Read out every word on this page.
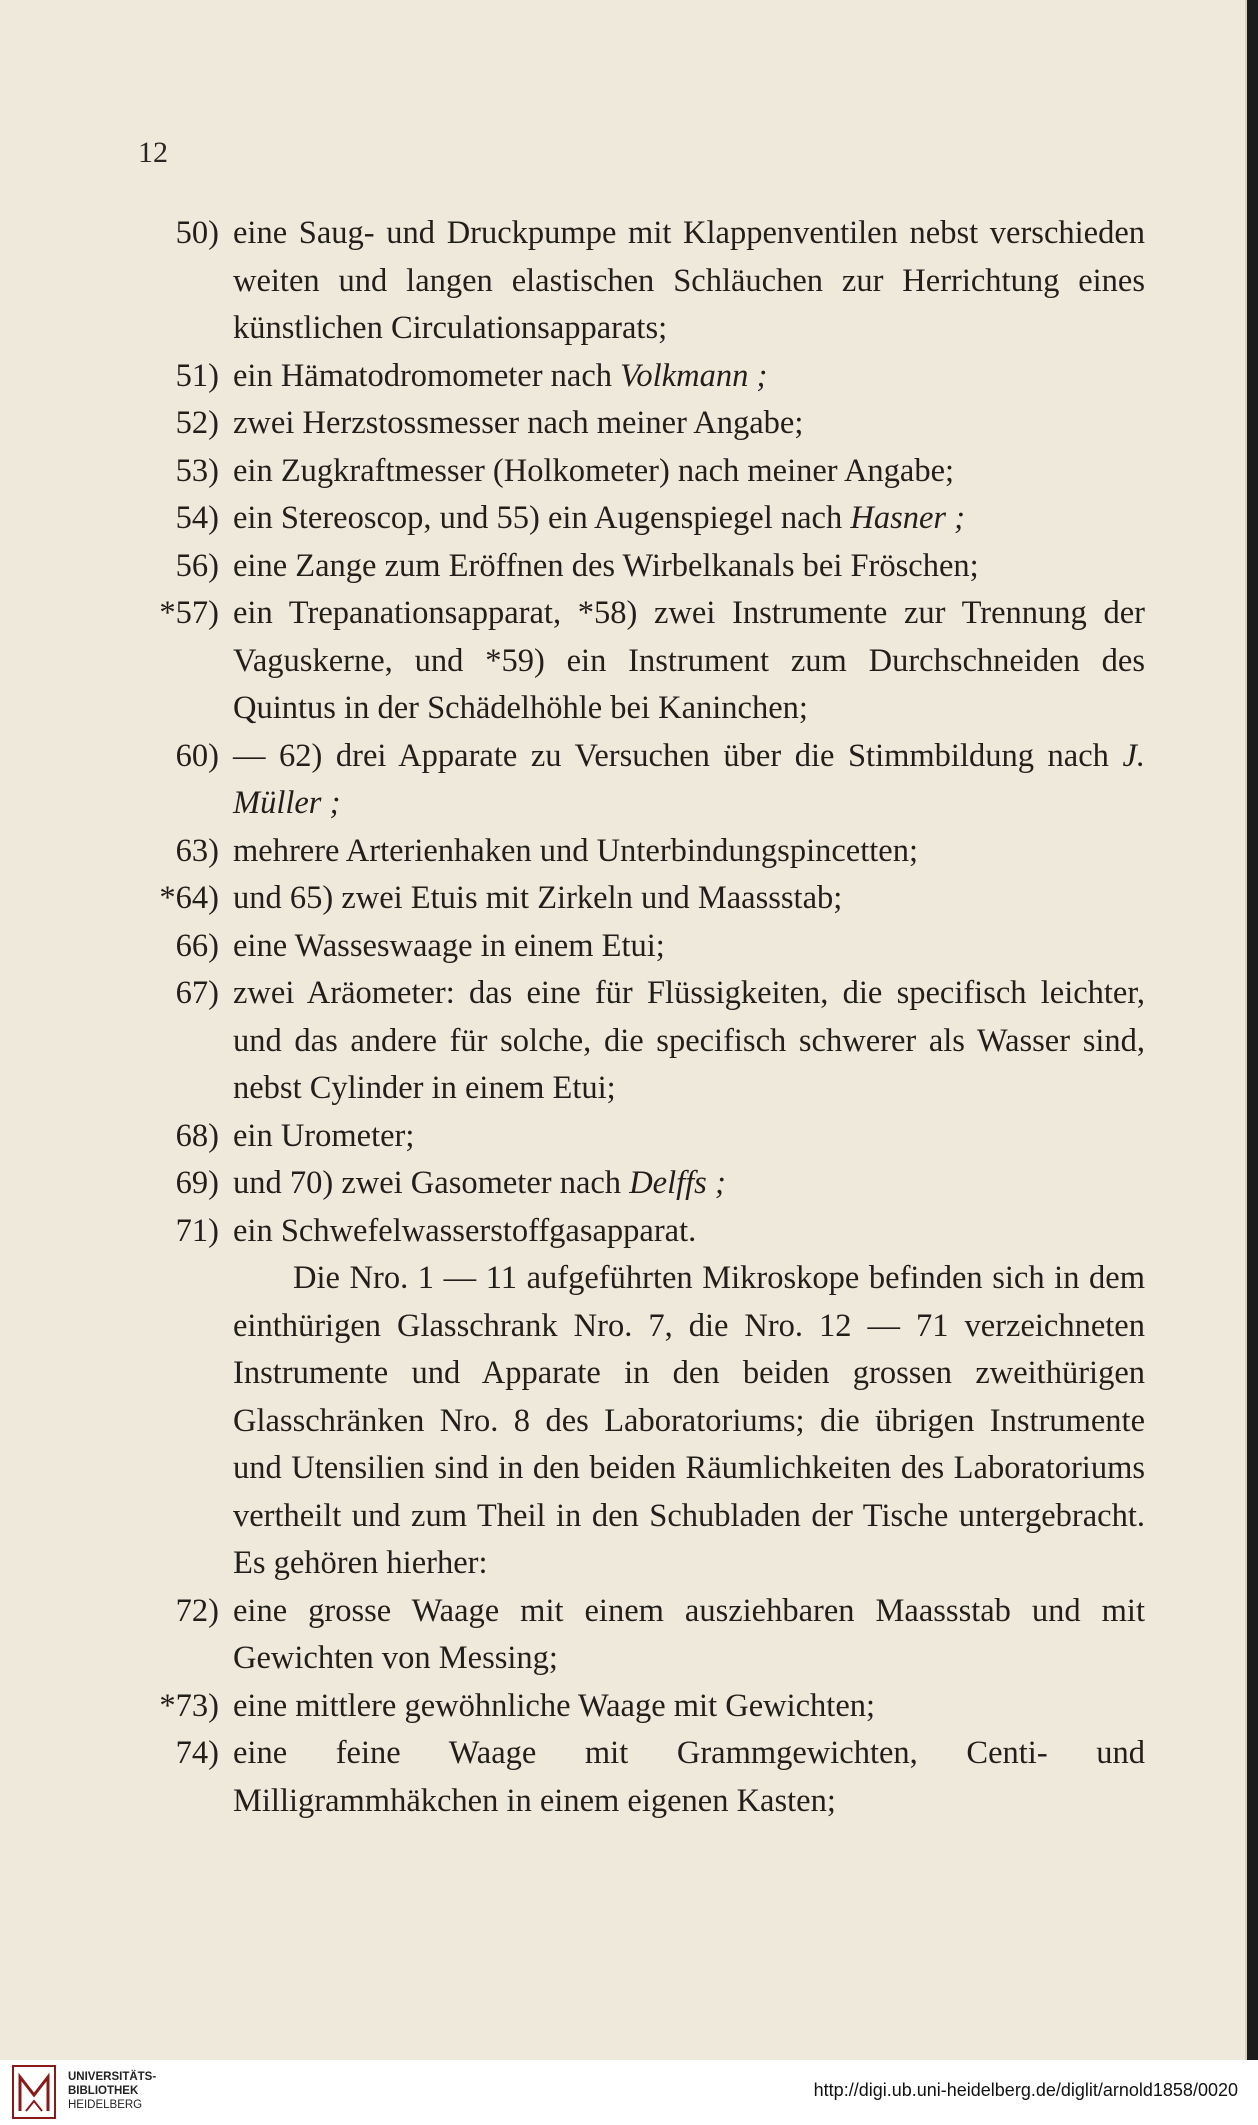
12
50) eine Saug- und Druckpumpe mit Klappenventilen nebst verschieden weiten und langen elastischen Schläuchen zur Herrichtung eines künstlichen Circulationsapparats;
51) ein Hämatodromometer nach Volkmann ;
52) zwei Herzstossmesser nach meiner Angabe;
53) ein Zugkraftmesser (Holkometer) nach meiner Angabe;
54) ein Stereoscop, und 55) ein Augenspiegel nach Hasner ;
56) eine Zange zum Eröffnen des Wirbelkanals bei Fröschen;
*57) ein Trepanationsapparat, *58) zwei Instrumente zur Trennung der Vaguskerne, und *59) ein Instrument zum Durchschneiden des Quintus in der Schädelhöhle bei Kaninchen;
60) — 62) drei Apparate zu Versuchen über die Stimmbildung nach J. Müller ;
63) mehrere Arterienhaken und Unterbindungspincetten;
*64) und 65) zwei Etuis mit Zirkeln und Maassstab;
66) eine Wasseswaage in einem Etui;
67) zwei Aräometer: das eine für Flüssigkeiten, die specifisch leichter, und das andere für solche, die specifisch schwerer als Wasser sind, nebst Cylinder in einem Etui;
68) ein Urometer;
69) und 70) zwei Gasometer nach Delffs ;
71) ein Schwefelwasserstoffgasapparat.
Die Nro. 1 — 11 aufgeführten Mikroskope befinden sich in dem einthürigen Glasschrank Nro. 7, die Nro. 12 — 71 verzeichneten Instrumente und Apparate in den beiden grossen zweithürigen Glasschränken Nro. 8 des Laboratoriums; die übrigen Instrumente und Utensilien sind in den beiden Räumlichkeiten des Laboratoriums vertheilt und zum Theil in den Schubladen der Tische untergebracht. Es gehören hierher:
72) eine grosse Waage mit einem ausziehbaren Maassstab und mit Gewichten von Messing;
*73) eine mittlere gewöhnliche Waage mit Gewichten;
74) eine feine Waage mit Grammgewichten, Centi- und Milligrammhäkchen in einem eigenen Kasten;
UNIVERSITÄTS-
BIBLIOTHEK
HEIDELBERG
http://digi.ub.uni-heidelberg.de/diglit/arnold1858/0020
